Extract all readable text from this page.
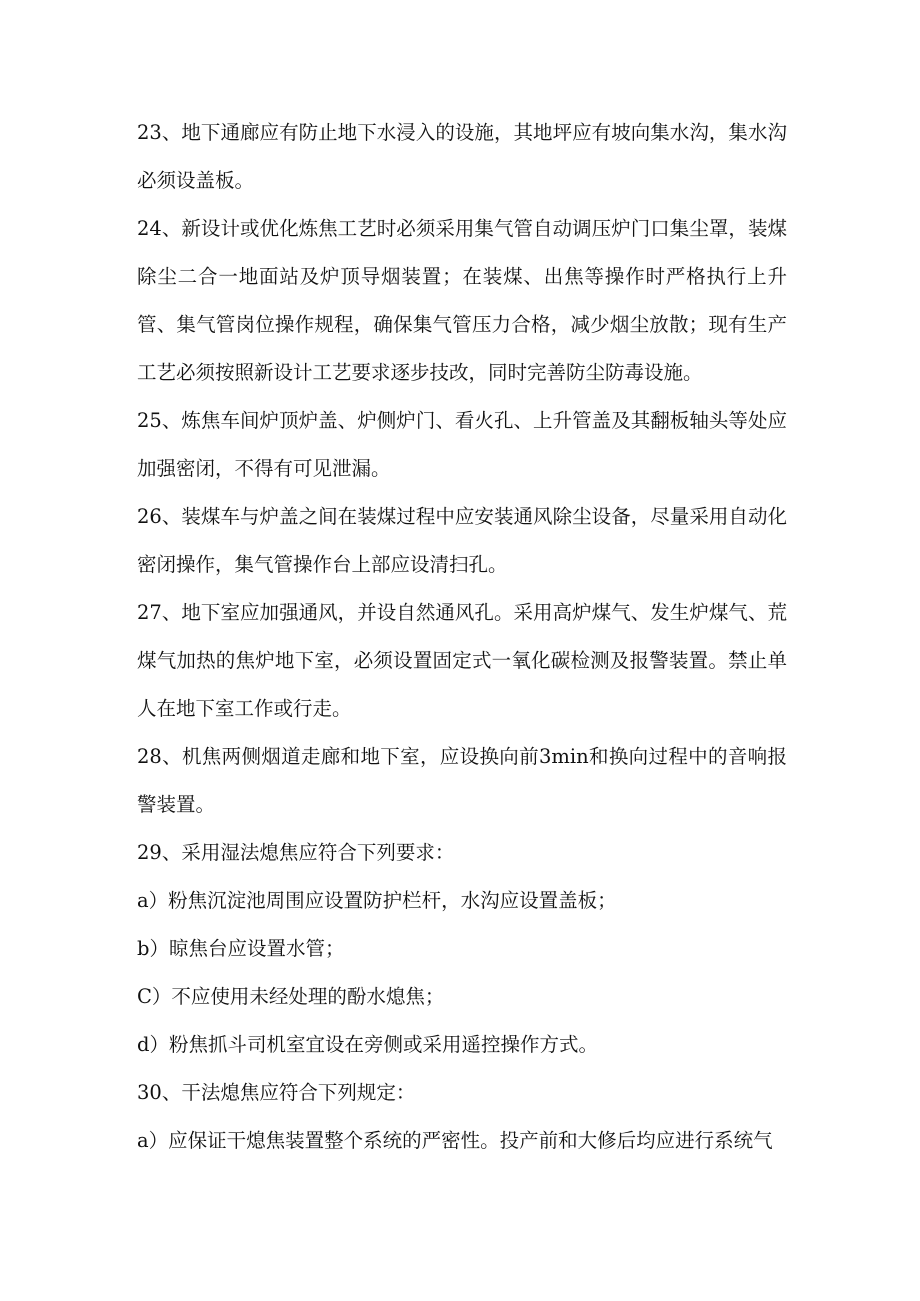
23、地下通廊应有防止地下水浸入的设施，其地坪应有坡向集水沟，集水沟必须设盖板。

24、新设计或优化炼焦工艺时必须采用集气管自动调压炉门口集尘罩，装煤除尘二合一地面站及炉顶导烟装置；在装煤、出焦等操作时严格执行上升管、集气管岗位操作规程，确保集气管压力合格，减少烟尘放散；现有生产工艺必须按照新设计工艺要求逐步技改，同时完善防尘防毒设施。

25、炼焦车间炉顶炉盖、炉侧炉门、看火孔、上升管盖及其翻板轴头等处应加强密闭，不得有可见泄漏。

26、装煤车与炉盖之间在装煤过程中应安装通风除尘设备，尽量采用自动化密闭操作，集气管操作台上部应设清扫孔。

27、地下室应加强通风，并设自然通风孔。采用高炉煤气、发生炉煤气、荒煤气加热的焦炉地下室，必须设置固定式一氧化碳检测及报警装置。禁止单人在地下室工作或行走。

28、机焦两侧烟道走廊和地下室，应设换向前3min和换向过程中的音响报警装置。

29、采用湿法熄焦应符合下列要求：

a）粉焦沉淀池周围应设置防护栏杆，水沟应设置盖板；

b）晾焦台应设置水管；

C）不应使用未经处理的酚水熄焦；

d）粉焦抓斗司机室宜设在旁侧或采用遥控操作方式。

30、干法熄焦应符合下列规定：

a）应保证干熄焦装置整个系统的严密性。投产前和大修后均应进行系统气
